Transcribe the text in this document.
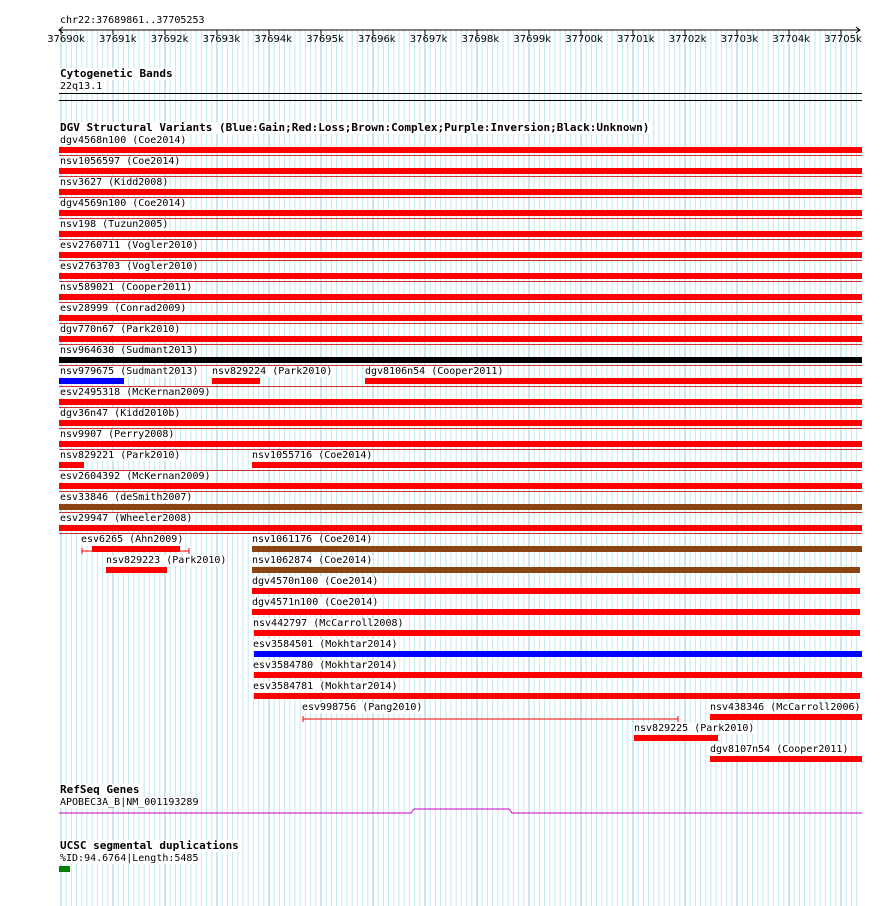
chr22:37689861..37705253
37690k 37691k 37692k 37693k 37694k 37695k 37696k 37697k 37698k 37699k 37700k 37701k 37702k 37703k 37704k 37705k
Cytogenetic Bands
22q13.1
DGV Structural Variants (Blue:Gain;Red:Loss;Brown:Complex;Purple:Inversion;Black:Unknown)
dgv4568n100 (Coe2014)
nsv1056597 (Coe2014)
nsv3627 (Kidd2008)
dgv4569n100 (Coe2014)
nsv198 (Tuzun2005)
esv2760711 (Vogler2010)
esv2763703 (Vogler2010)
nsv589021 (Cooper2011)
esv28999 (Conrad2009)
dgv770n67 (Park2010)
nsv964630 (Sudmant2013)
nsv979675 (Sudmant2013) nsv829224 (Park2010)	dgv8106n54 (Cooper2011)
esv2495318 (McKernan2009)
dgv36n47 (Kidd2010b)
nsv9907 (Perry2008)
nsv829221 (Park2010)	nsv1055716 (Coe2014)
esv2604392 (McKernan2009)
esv33846 (deSmith2007)
esv29947 (Wheeler2008)
esv6265 (Ahn2009)	nsv1061176 (Coe2014)
nsv829223 (Park2010)	nsv1062874 (Coe2014)
dgv4570n100 (Coe2014)
dgv4571n100 (Coe2014)
nsv442797 (McCarroll2008)
esv3584501 (Mokhtar2014)
esv3584780 (Mokhtar2014)
esv3584781 (Mokhtar2014)
esv998756 (Pang2010)	nsv438346 (McCarroll2006)
nsv829225 (Park2010)
dgv8107n54 (Cooper2011)
RefSeq Genes
APOBEC3A_B|NM_001193289
UCSC segmental duplications
%ID:94.6764|Length:5485
